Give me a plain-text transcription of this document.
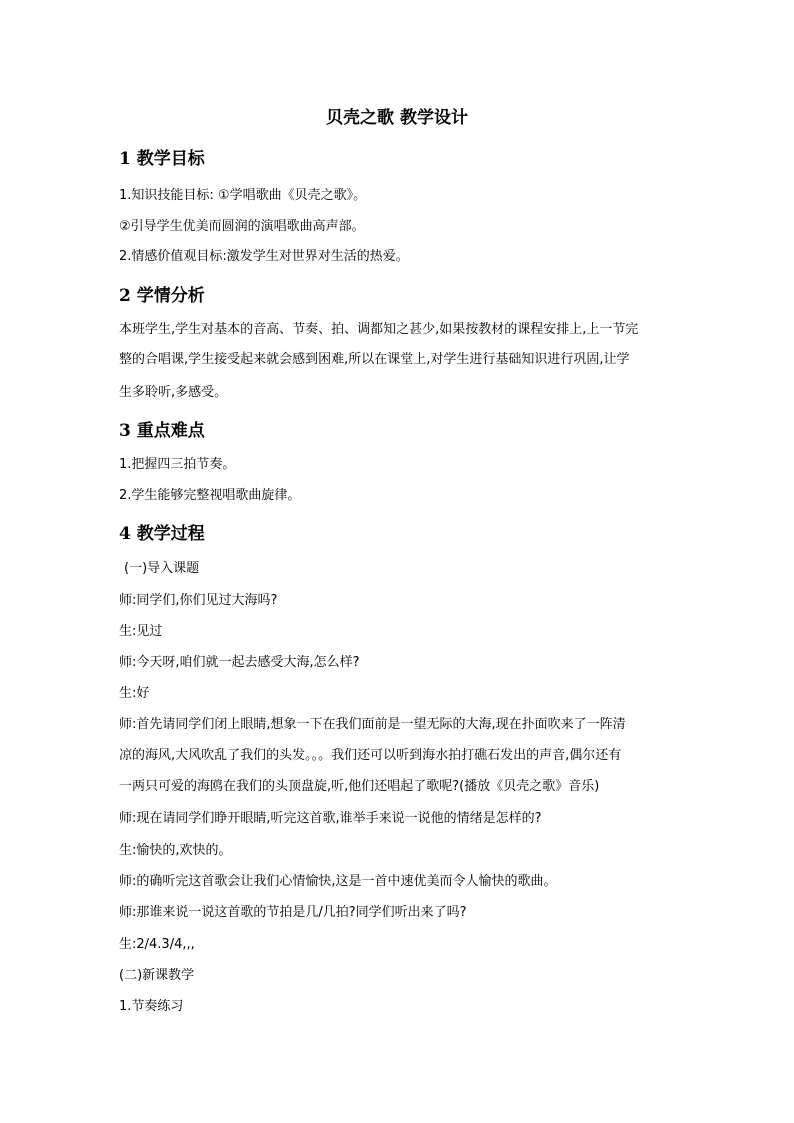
贝壳之歌 教学设计
1 教学目标
1.知识技能目标: ①学唱歌曲《贝壳之歌》。
②引导学生优美而圆润的演唱歌曲高声部。
2.情感价值观目标:激发学生对世界对生活的热爱。
2 学情分析
本班学生,学生对基本的音高、节奏、拍、调都知之甚少,如果按教材的课程安排上,上一节完
整的合唱课,学生接受起来就会感到困难,所以在课堂上,对学生进行基础知识进行巩固,让学
生多聆听,多感受。
3 重点难点
1.把握四三拍节奏。
2.学生能够完整视唱歌曲旋律。
4 教学过程
(一)导入课题
师:同学们,你们见过大海吗?
生:见过
师:今天呀,咱们就一起去感受大海,怎么样?
生:好
师:首先请同学们闭上眼睛,想象一下在我们面前是一望无际的大海,现在扑面吹来了一阵清
凉的海风,大风吹乱了我们的头发。。。我们还可以听到海水拍打礁石发出的声音,偶尔还有
一两只可爱的海鸥在我们的头顶盘旋,听,他们还唱起了歌呢?(播放《贝壳之歌》音乐)
师:现在请同学们睁开眼睛,听完这首歌,谁举手来说一说他的情绪是怎样的?
生:愉快的,欢快的。
师:的确听完这首歌会让我们心情愉快,这是一首中速优美而令人愉快的歌曲。
师:那谁来说一说这首歌的节拍是几/几拍?同学们听出来了吗?
生:2/4.3/4,,,
(二)新课教学
1.节奏练习
